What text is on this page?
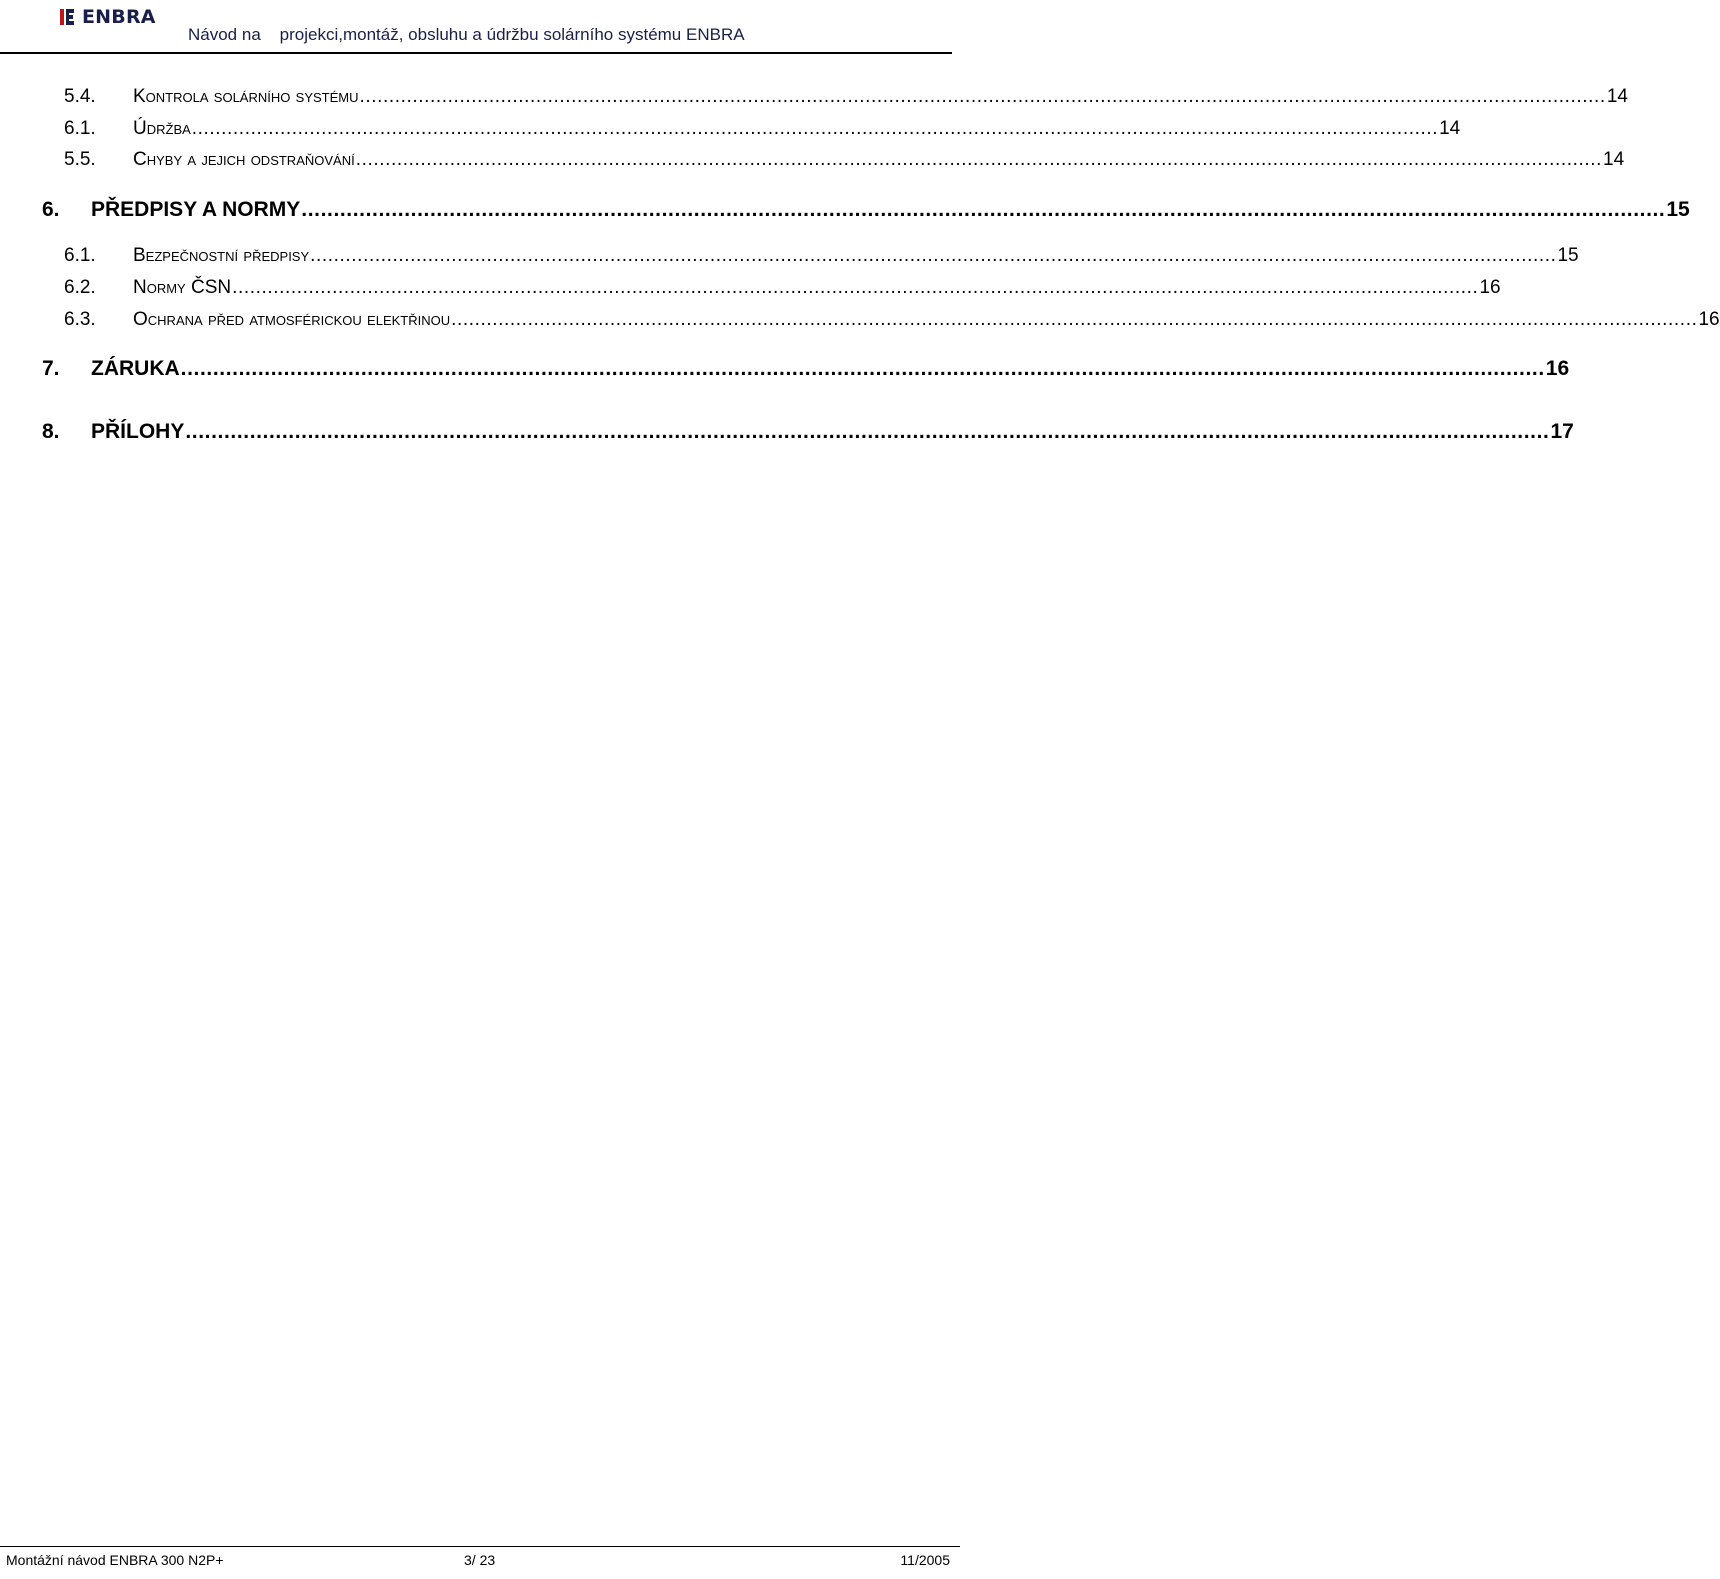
ENBRA
Návod na    projekci,montáž, obsluhu a údržbu solárního systému ENBRA
5.4. Kontrola solárního systému .................................................................................................................................................................................................................... 14
6.1. Údržba .................................................................................................................................................................................................................... 14
5.5. Chyby a jejich odstraňování .................................................................................................................................................................................................................... 14
6. PŘEDPISY A NORMY .................................................................................................................................................................................................................... 15
6.1. Bezpečnostní předpisy .................................................................................................................................................................................................................... 15
6.2. Normy ČSN .................................................................................................................................................................................................................... 16
6.3. Ochrana před atmosférickou elektřinou .................................................................................................................................................................................................................... 16
7. ZÁRUKA .................................................................................................................................................................................................................... 16
8. PŘÍLOHY .................................................................................................................................................................................................................... 17
Montážní návod ENBRA 300 N2P+	3/ 23	11/2005
